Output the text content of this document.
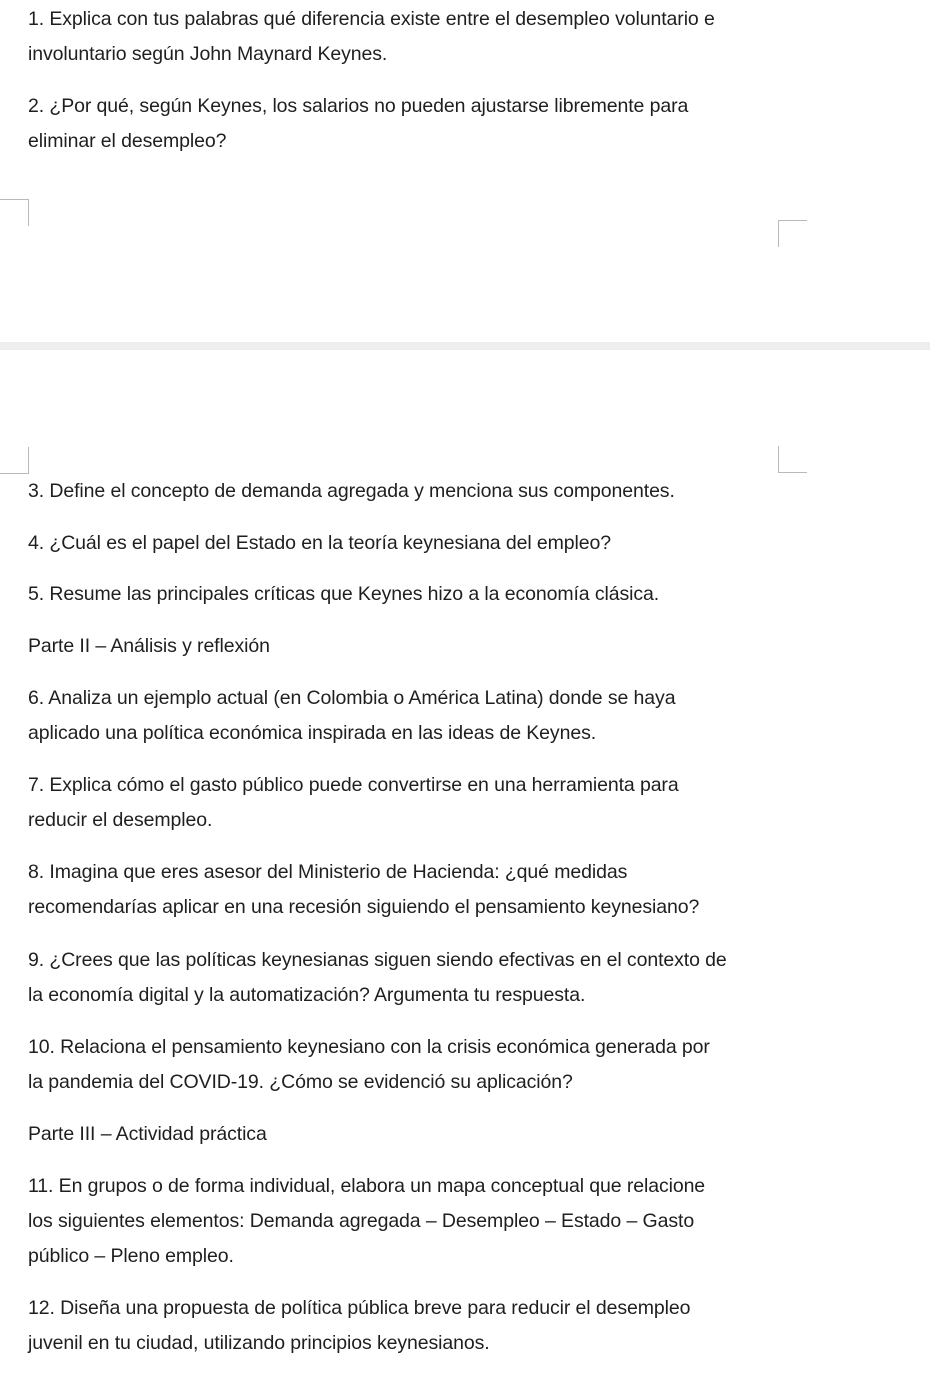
1. Explica con tus palabras qué diferencia existe entre el desempleo voluntario e

involuntario según John Maynard Keynes.

2. ¿Por qué, según Keynes, los salarios no pueden ajustarse libremente para

eliminar el desempleo?

3. Define el concepto de demanda agregada y menciona sus componentes.

4. ¿Cuál es el papel del Estado en la teoría keynesiana del empleo?

5. Resume las principales críticas que Keynes hizo a la economía clásica.

Parte II – Análisis y reflexión

6. Analiza un ejemplo actual (en Colombia o América Latina) donde se haya

aplicado una política económica inspirada en las ideas de Keynes.

7. Explica cómo el gasto público puede convertirse en una herramienta para

reducir el desempleo.

8. Imagina que eres asesor del Ministerio de Hacienda: ¿qué medidas

recomendarías aplicar en una recesión siguiendo el pensamiento keynesiano?

9. ¿Crees que las políticas keynesianas siguen siendo efectivas en el contexto de

la economía digital y la automatización? Argumenta tu respuesta.

10. Relaciona el pensamiento keynesiano con la crisis económica generada por

la pandemia del COVID-19. ¿Cómo se evidenció su aplicación?

Parte III – Actividad práctica

11. En grupos o de forma individual, elabora un mapa conceptual que relacione

los siguientes elementos: Demanda agregada – Desempleo – Estado – Gasto

público – Pleno empleo.

12. Diseña una propuesta de política pública breve para reducir el desempleo

juvenil en tu ciudad, utilizando principios keynesianos.
